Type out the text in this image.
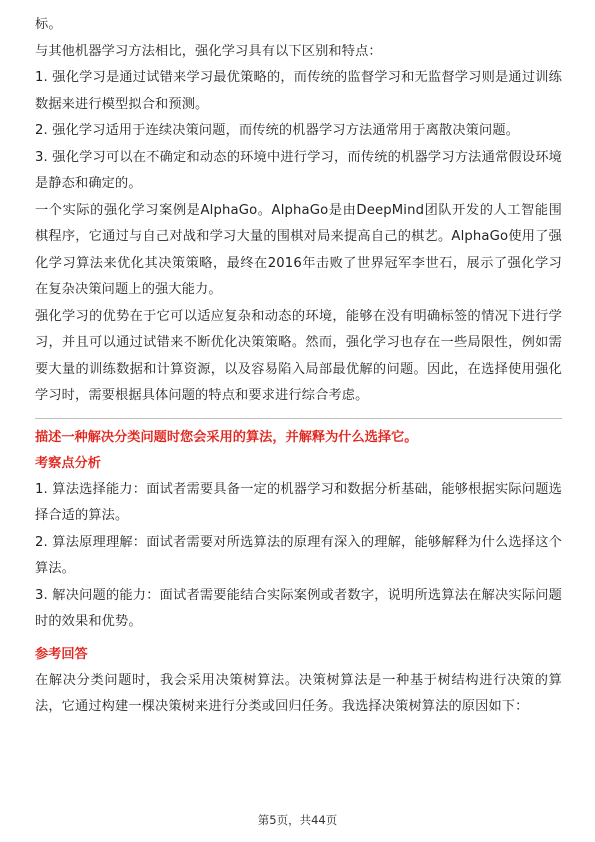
标。

与其他机器学习方法相比，强化学习具有以下区别和特点：

1. 强化学习是通过试错来学习最优策略的，而传统的监督学习和无监督学习则是通过训练数据来进行模型拟合和预测。

2. 强化学习适用于连续决策问题，而传统的机器学习方法通常用于离散决策问题。

3. 强化学习可以在不确定和动态的环境中进行学习，而传统的机器学习方法通常假设环境是静态和确定的。

一个实际的强化学习案例是AlphaGo。AlphaGo是由DeepMind团队开发的人工智能围棋程序，它通过与自己对战和学习大量的围棋对局来提高自己的棋艺。AlphaGo使用了强化学习算法来优化其决策策略，最终在2016年击败了世界冠军李世石，展示了强化学习在复杂决策问题上的强大能力。

强化学习的优势在于它可以适应复杂和动态的环境，能够在没有明确标签的情况下进行学习，并且可以通过试错来不断优化决策策略。然而，强化学习也存在一些局限性，例如需要大量的训练数据和计算资源，以及容易陷入局部最优解的问题。因此，在选择使用强化学习时，需要根据具体问题的特点和要求进行综合考虑。

描述一种解决分类问题时您会采用的算法，并解释为什么选择它。

考察点分析

1. 算法选择能力：面试者需要具备一定的机器学习和数据分析基础，能够根据实际问题选择合适的算法。

2. 算法原理理解：面试者需要对所选算法的原理有深入的理解，能够解释为什么选择这个算法。

3. 解决问题的能力：面试者需要能结合实际案例或者数字，说明所选算法在解决实际问题时的效果和优势。

参考回答

在解决分类问题时，我会采用决策树算法。决策树算法是一种基于树结构进行决策的算法，它通过构建一棵决策树来进行分类或回归任务。我选择决策树算法的原因如下：

第5页，共44页
